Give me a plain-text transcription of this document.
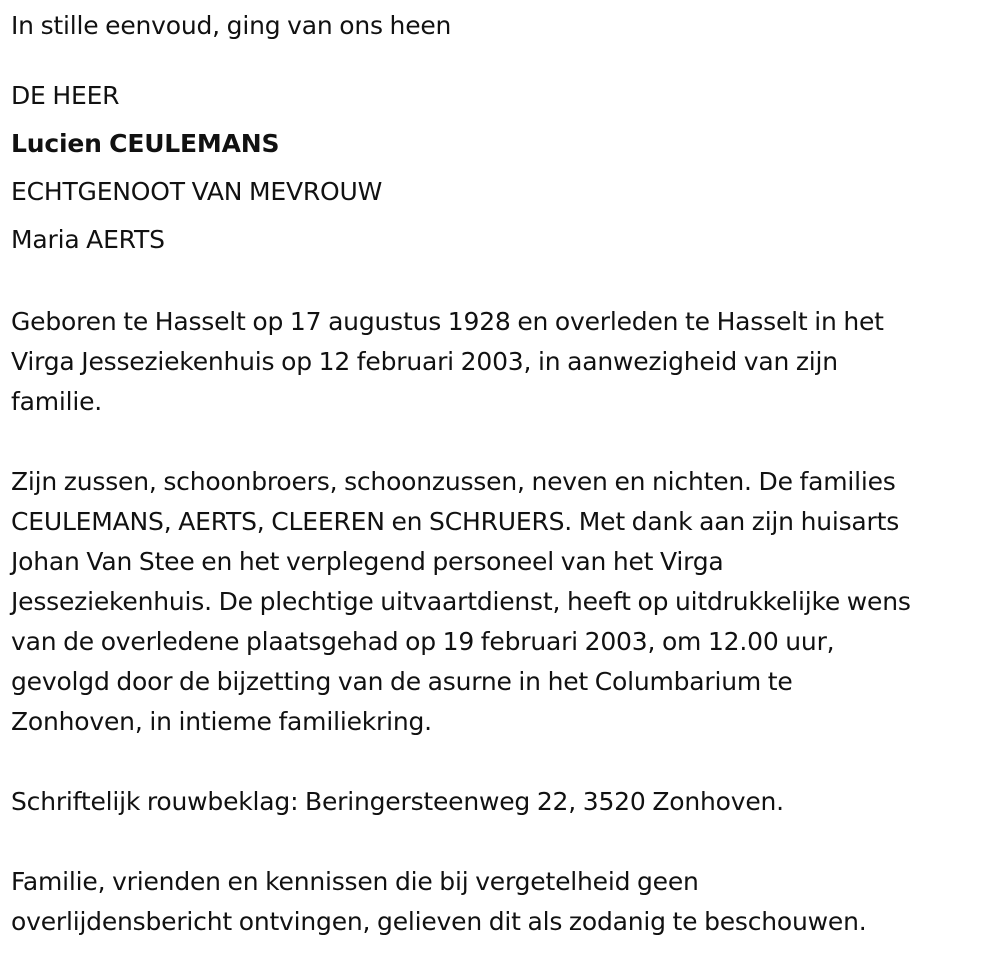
In stille eenvoud, ging van ons heen

DE HEER

Lucien CEULEMANS

ECHTGENOOT VAN MEVROUW

Maria AERTS

Geboren te Hasselt op 17 augustus 1928 en overleden te Hasselt in het

Virga Jesseziekenhuis op 12 februari 2003, in aanwezigheid van zijn

familie.

Zijn zussen, schoonbroers, schoonzussen, neven en nichten. De families

CEULEMANS, AERTS, CLEEREN en SCHRUERS. Met dank aan zijn huisarts

Johan Van Stee en het verplegend personeel van het Virga

Jesseziekenhuis. De plechtige uitvaartdienst, heeft op uitdrukkelijke wens

van de overledene plaatsgehad op 19 februari 2003, om 12.00 uur,

gevolgd door de bijzetting van de asurne in het Columbarium te

Zonhoven, in intieme familiekring.

Schriftelijk rouwbeklag: Beringersteenweg 22, 3520 Zonhoven.

Familie, vrienden en kennissen die bij vergetelheid geen

overlijdensbericht ontvingen, gelieven dit als zodanig te beschouwen.
